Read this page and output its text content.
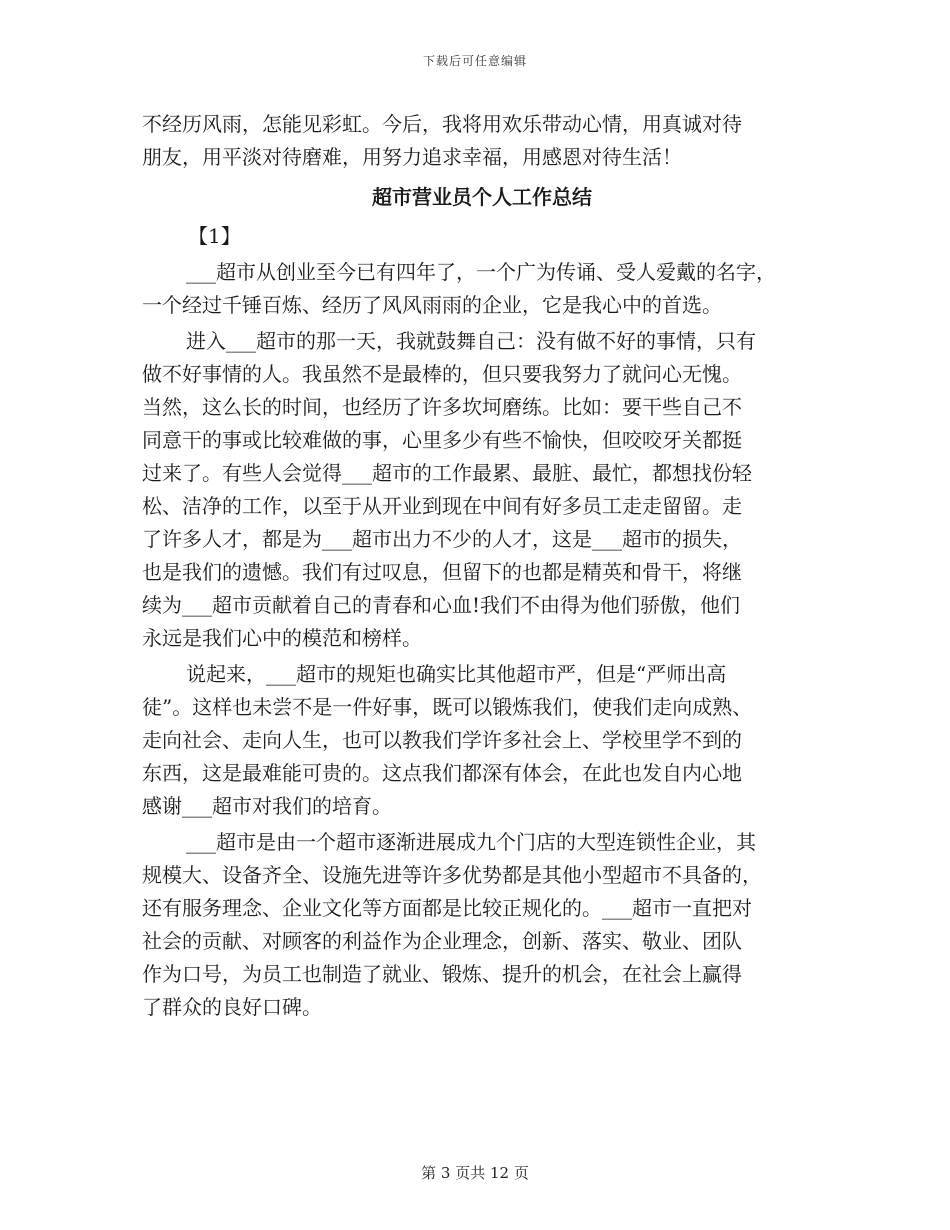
下载后可任意编辑
不经历风雨，怎能见彩虹。今后，我将用欢乐带动心情，用真诚对待
朋友，用平淡对待磨难，用努力追求幸福，用感恩对待生活！
超市营业员个人工作总结
【1】
___超市从创业至今已有四年了，一个广为传诵、受人爱戴的名字，
一个经过千锤百炼、经历了风风雨雨的企业，它是我心中的首选。
进入___超市的那一天，我就鼓舞自己：没有做不好的事情，只有
做不好事情的人。我虽然不是最棒的，但只要我努力了就问心无愧。
当然，这么长的时间，也经历了许多坎坷磨练。比如：要干些自己不
同意干的事或比较难做的事，心里多少有些不愉快，但咬咬牙关都挺
过来了。有些人会觉得___超市的工作最累、最脏、最忙，都想找份轻
松、洁净的工作，以至于从开业到现在中间有好多员工走走留留。走
了许多人才，都是为___超市出力不少的人才，这是___超市的损失，
也是我们的遗憾。我们有过叹息，但留下的也都是精英和骨干，将继
续为___超市贡献着自己的青春和心血!我们不由得为他们骄傲，他们
永远是我们心中的模范和榜样。
说起来，___超市的规矩也确实比其他超市严，但是“严师出高
徒”。这样也未尝不是一件好事，既可以锻炼我们，使我们走向成熟、
走向社会、走向人生，也可以教我们学许多社会上、学校里学不到的
东西，这是最难能可贵的。这点我们都深有体会，在此也发自内心地
感谢___超市对我们的培育。
___超市是由一个超市逐渐进展成九个门店的大型连锁性企业，其
规模大、设备齐全、设施先进等许多优势都是其他小型超市不具备的，
还有服务理念、企业文化等方面都是比较正规化的。___超市一直把对
社会的贡献、对顾客的利益作为企业理念，创新、落实、敬业、团队
作为口号，为员工也制造了就业、锻炼、提升的机会，在社会上赢得
了群众的良好口碑。
第 3 页共 12 页
